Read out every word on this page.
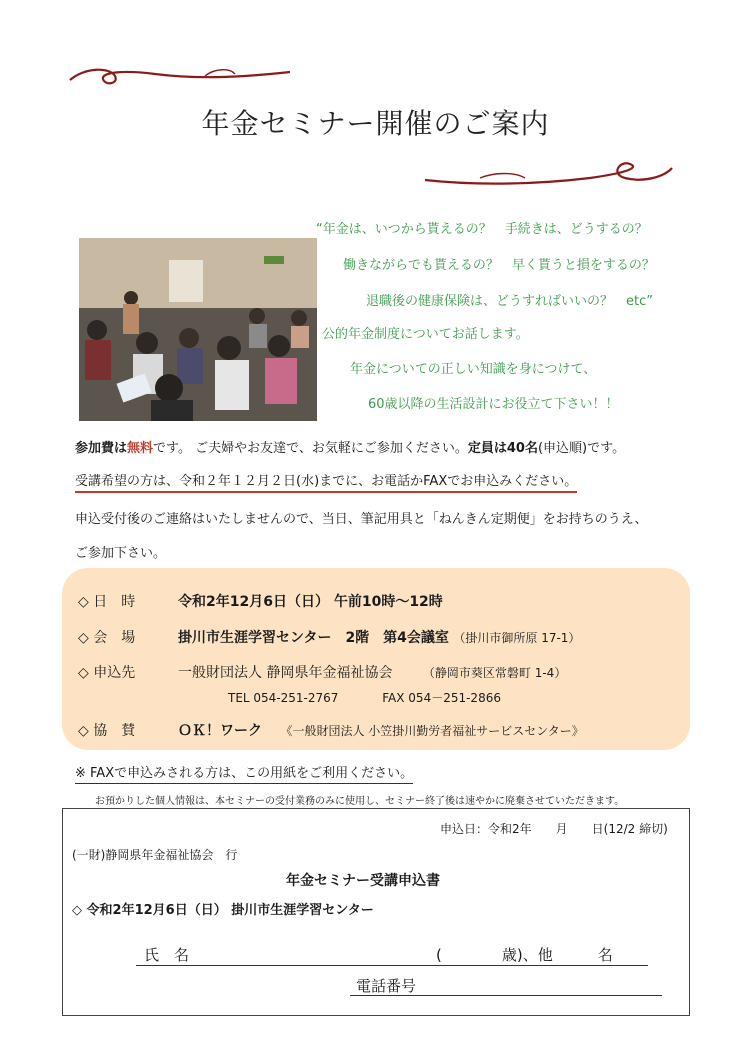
年金セミナー開催のご案内
“年金は、いつから貰えるの？　手続きは、どうするの？
働きながらでも貰えるの？　早く貰うと損をするの？
退職後の健康保険は、どうすればいいの？　etc”
公的年金制度についてお話します。
年金についての正しい知識を身につけて、
60歳以降の生活設計にお役立て下さい！！
参加費は無料です。 ご夫婦やお友達で、お気軽にご参加ください。定員は40名(申込順)です。
受講希望の方は、令和２年１２月２日(水)までに、お電話かFAXでお申込みください。
申込受付後のご連絡はいたしませんので、当日、筆記用具と「ねんきん定期便」をお持ちのうえ、
ご参加下さい。
◇ 日　時	令和2年12月6日（日） 午前10時～12時
◇ 会　場	掛川市生涯学習センター　2階　第4会議室 （掛川市御所原 17-1）
◇ 申込先	一般財団法人 静岡県年金福祉協会	（静岡市葵区常磐町 1-4）
TEL 054-251-2767	FAX 054－251-2866
◇ 協　賛	ＯＫ！ワーク 《一般財団法人 小笠掛川勤労者福祉サービスセンター》
※ FAXで申込みされる方は、この用紙をご利用ください。
お預かりした個人情報は、本セミナーの受付業務のみに使用し、セミナー終了後は速やかに廃棄させていただきます。
申込日：令和2年　　月　　日(12/2 締切)
(一財)静岡県年金福祉協会　行
年金セミナー受講申込書
◇ 令和2年12月6日（日） 掛川市生涯学習センター
氏　名	(　　　　歳)、他　　　名
電話番号
